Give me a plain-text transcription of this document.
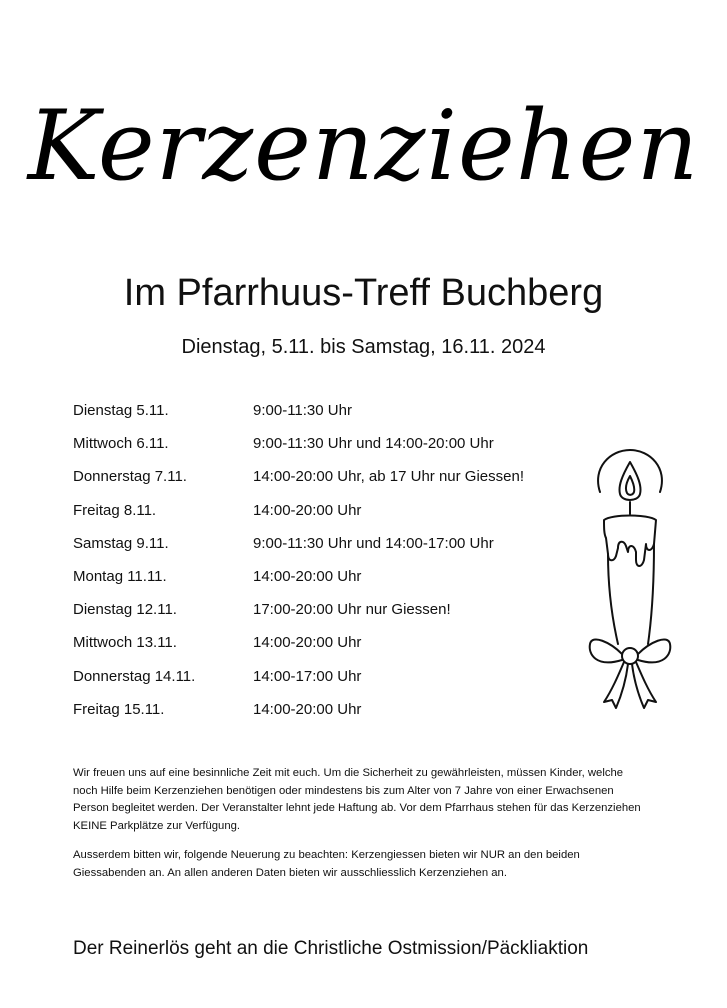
Kerzenziehen
Im Pfarrhuus-Treff Buchberg
Dienstag, 5.11. bis Samstag, 16.11. 2024
Dienstag 5.11.	9:00-11:30 Uhr
Mittwoch 6.11.	9:00-11:30 Uhr und 14:00-20:00 Uhr
Donnerstag 7.11.	14:00-20:00 Uhr, ab 17 Uhr nur Giessen!
Freitag 8.11.	14:00-20:00 Uhr
Samstag 9.11.	9:00-11:30 Uhr und 14:00-17:00 Uhr
Montag 11.11.	14:00-20:00 Uhr
Dienstag 12.11.	17:00-20:00 Uhr nur Giessen!
Mittwoch 13.11.	14:00-20:00 Uhr
Donnerstag 14.11.	14:00-17:00 Uhr
Freitag 15.11.	14:00-20:00 Uhr

Wir freuen uns auf eine besinnliche Zeit mit euch. Um die Sicherheit zu gewährleisten, müssen Kinder, welche noch Hilfe beim Kerzenziehen benötigen oder mindestens bis zum Alter von 7 Jahre von einer Erwachsenen Person begleitet werden. Der Veranstalter lehnt jede Haftung ab. Vor dem Pfarrhaus stehen für das Kerzenziehen KEINE Parkplätze zur Verfügung.

Ausserdem bitten wir, folgende Neuerung zu beachten: Kerzengiessen bieten wir NUR an den beiden Giessabenden an. An allen anderen Daten bieten wir ausschliesslich Kerzenziehen an.

Der Reinerlös geht an die Christliche Ostmission/Päckliaktion
